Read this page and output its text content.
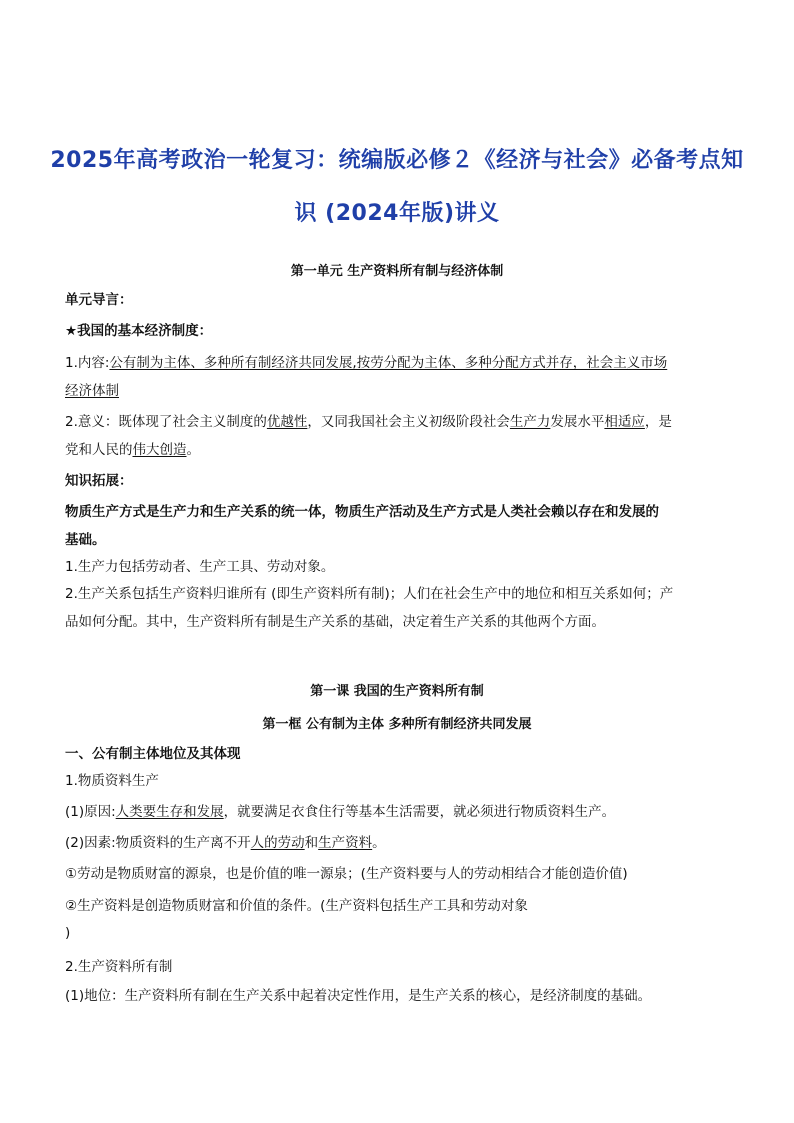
2025年高考政治一轮复习：统编版必修２《经济与社会》必备考点知
识 (2024年版)讲义
第一单元 生产资料所有制与经济体制
单元导言：
★我国的基本经济制度：
1.内容:公有制为主体、多种所有制经济共同发展,按劳分配为主体、多种分配方式并存，社会主义市场
经济体制
2.意义：既体现了社会主义制度的优越性，又同我国社会主义初级阶段社会生产力发展水平相适应，是
党和人民的伟大创造。
知识拓展：
物质生产方式是生产力和生产关系的统一体，物质生产活动及生产方式是人类社会赖以存在和发展的
基础。
1.生产力包括劳动者、生产工具、劳动对象。
2.生产关系包括生产资料归谁所有 (即生产资料所有制)；人们在社会生产中的地位和相互关系如何；产
品如何分配。其中，生产资料所有制是生产关系的基础，决定着生产关系的其他两个方面。
第一课 我国的生产资料所有制
第一框 公有制为主体 多种所有制经济共同发展
一、公有制主体地位及其体现
1.物质资料生产
(1)原因:人类要生存和发展，就要满足衣食住行等基本生活需要，就必须进行物质资料生产。
(2)因素:物质资料的生产离不开人的劳动和生产资料。
①劳动是物质财富的源泉，也是价值的唯一源泉；(生产资料要与人的劳动相结合才能创造价值)
②生产资料是创造物质财富和价值的条件。(生产资料包括生产工具和劳动对象
)
2.生产资料所有制
(1)地位：生产资料所有制在生产关系中起着决定性作用，是生产关系的核心，是经济制度的基础。
